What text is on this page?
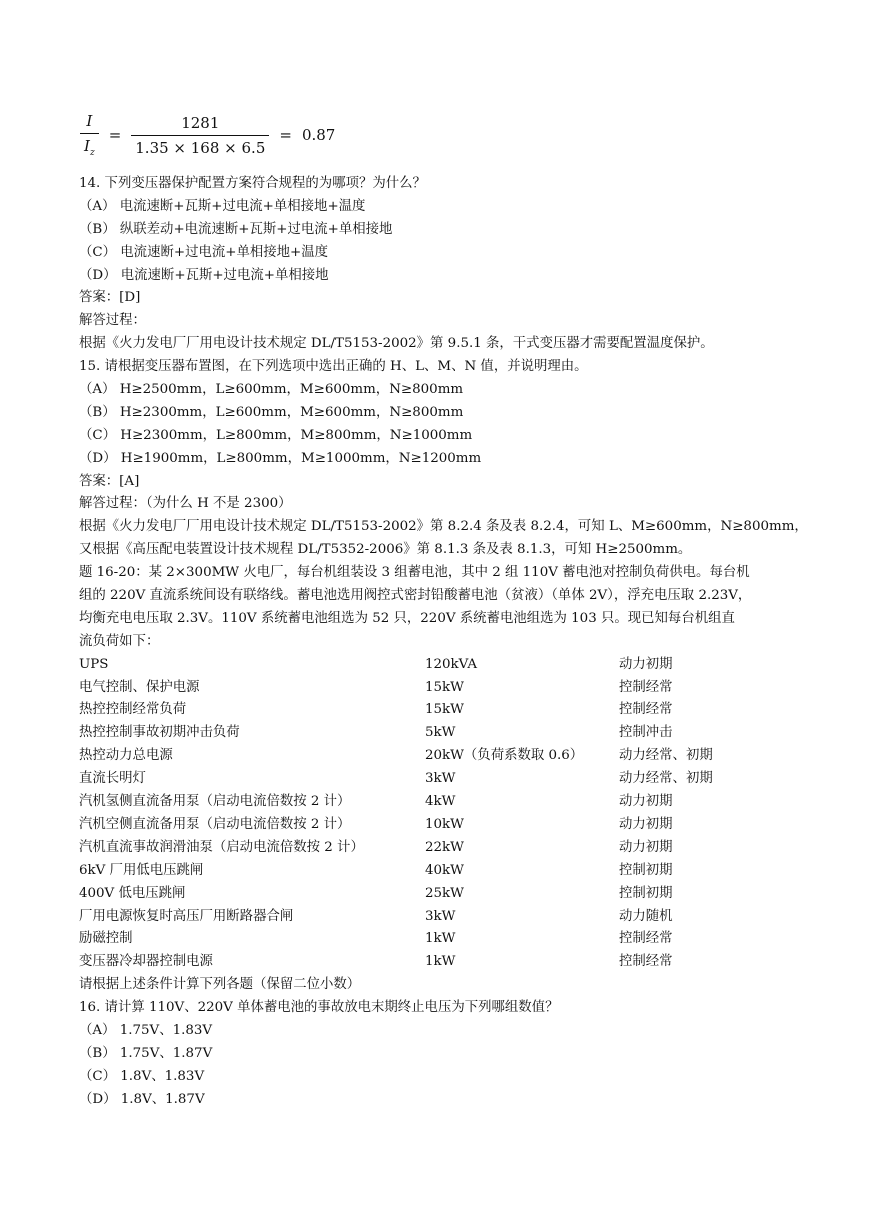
$\frac{I}{I_z} = \frac{1281}{1.35 \times 168 \times 6.5} = 0.87$
14. 下列变压器保护配置方案符合规程的为哪项？为什么？
（A） 电流速断+瓦斯+过电流+单相接地+温度
（B） 纵联差动+电流速断+瓦斯+过电流+单相接地
（C） 电流速断+过电流+单相接地+温度
（D） 电流速断+瓦斯+过电流+单相接地
答案：[D]
解答过程：
根据《火力发电厂厂用电设计技术规定 DL/T5153-2002》第 9.5.1 条，干式变压器才需要配置温度保护。
15. 请根据变压器布置图，在下列选项中选出正确的 H、L、M、N 值，并说明理由。
（A） H≥2500mm，L≥600mm，M≥600mm，N≥800mm
（B） H≥2300mm，L≥600mm，M≥600mm，N≥800mm
（C） H≥2300mm，L≥800mm，M≥800mm，N≥1000mm
（D） H≥1900mm，L≥800mm，M≥1000mm，N≥1200mm
答案：[A]
解答过程：（为什么 H 不是 2300）
根据《火力发电厂厂用电设计技术规定 DL/T5153-2002》第 8.2.4 条及表 8.2.4，可知 L、M≥600mm，N≥800mm，
又根据《高压配电装置设计技术规程 DL/T5352-2006》第 8.1.3 条及表 8.1.3，可知 H≥2500mm。
题 16-20：某 2×300MW 火电厂，每台机组装设 3 组蓄电池，其中 2 组 110V 蓄电池对控制负荷供电。每台机
组的 220V 直流系统间设有联络线。蓄电池选用阀控式密封铅酸蓄电池（贫液）（单体 2V），浮充电压取 2.23V，
均衡充电电压取 2.3V。110V 系统蓄电池组选为 52 只，220V 系统蓄电池组选为 103 只。现已知每台机组直
流负荷如下：
UPS	120kVA	动力初期
电气控制、保护电源	15kW	控制经常
热控控制经常负荷	15kW	控制经常
热控控制事故初期冲击负荷	5kW	控制冲击
热控动力总电源	20kW（负荷系数取 0.6）	动力经常、初期
直流长明灯	3kW	动力经常、初期
汽机氢侧直流备用泵（启动电流倍数按 2 计）	4kW	动力初期
汽机空侧直流备用泵（启动电流倍数按 2 计）	10kW	动力初期
汽机直流事故润滑油泵（启动电流倍数按 2 计）	22kW	动力初期
6kV 厂用低电压跳闸	40kW	控制初期
400V 低电压跳闸	25kW	控制初期
厂用电源恢复时高压厂用断路器合闸	3kW	动力随机
励磁控制	1kW	控制经常
变压器冷却器控制电源	1kW	控制经常
请根据上述条件计算下列各题（保留二位小数）
16. 请计算 110V、220V 单体蓄电池的事故放电末期终止电压为下列哪组数值？
（A） 1.75V、1.83V
（B） 1.75V、1.87V
（C） 1.8V、1.83V
（D） 1.8V、1.87V
